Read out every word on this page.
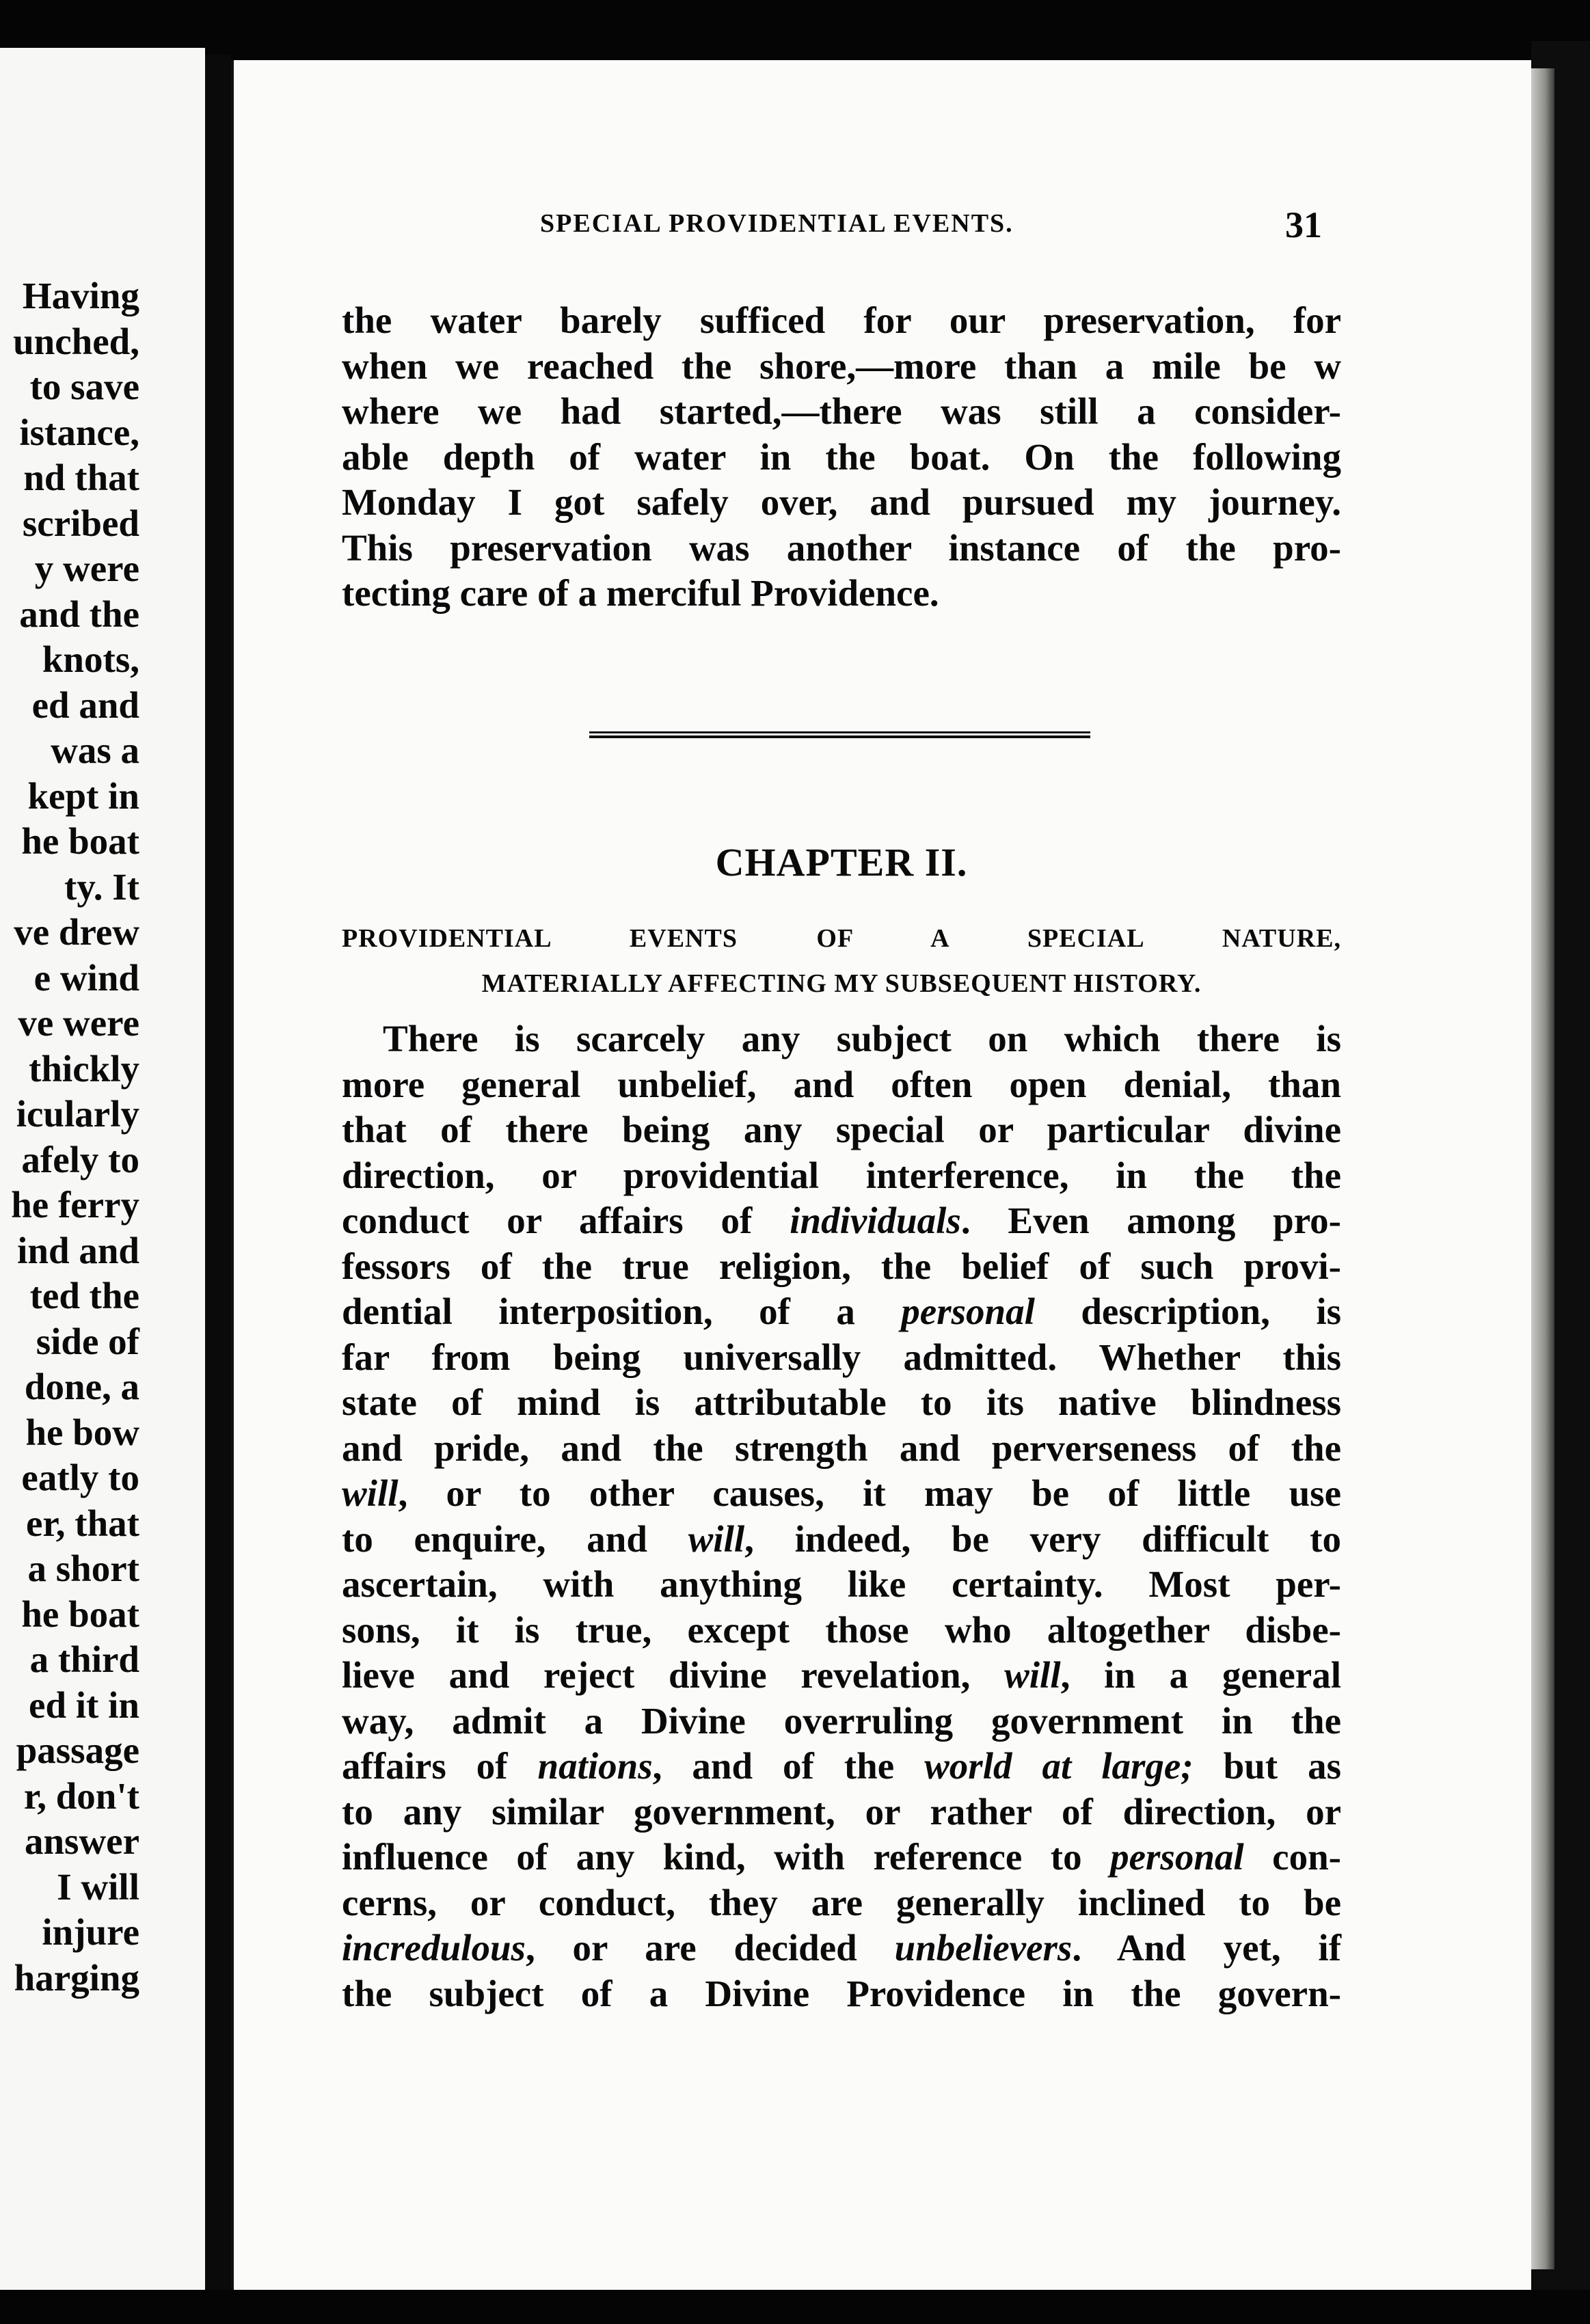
Having
unched,
to save
istance,
nd that
scribed
y were
and the
knots,
ed and
was a
kept in
he boat
ty. It
ve drew
e wind
ve were
thickly
icularly
afely to
he ferry
ind and
ted the
side of
done, a
he bow
eatly to
er, that
a short
he boat
a third
ed it in
passage
r, don't
answer
I will
injure
harging
SPECIAL PROVIDENTIAL EVENTS.	31
the water barely sufficed for our preservation, for
when we reached the shore,—more than a mile be w
where we had started,—there was still a consider-
able depth of water in the boat. On the following
Monday I got safely over, and pursued my journey.
This preservation was another instance of the pro-
tecting care of a merciful Providence.
CHAPTER II.
PROVIDENTIAL EVENTS OF A SPECIAL NATURE,
MATERIALLY AFFECTING MY SUBSEQUENT HISTORY.
There is scarcely any subject on which there is
more general unbelief, and often open denial, than
that of there being any special or particular divine
direction, or providential interference, in the the
conduct or affairs of individuals. Even among pro-
fessors of the true religion, the belief of such provi-
dential interposition, of a personal description, is
far from being universally admitted. Whether this
state of mind is attributable to its native blindness
and pride, and the strength and perverseness of the
will, or to other causes, it may be of little use
to enquire, and will, indeed, be very difficult to
ascertain, with anything like certainty. Most per-
sons, it is true, except those who altogether disbe-
lieve and reject divine revelation, will, in a general
way, admit a Divine overruling government in the
affairs of nations, and of the world at large; but as
to any similar government, or rather of direction, or
influence of any kind, with reference to personal con-
cerns, or conduct, they are generally inclined to be
incredulous, or are decided unbelievers. And yet, if
the subject of a Divine Providence in the govern-
